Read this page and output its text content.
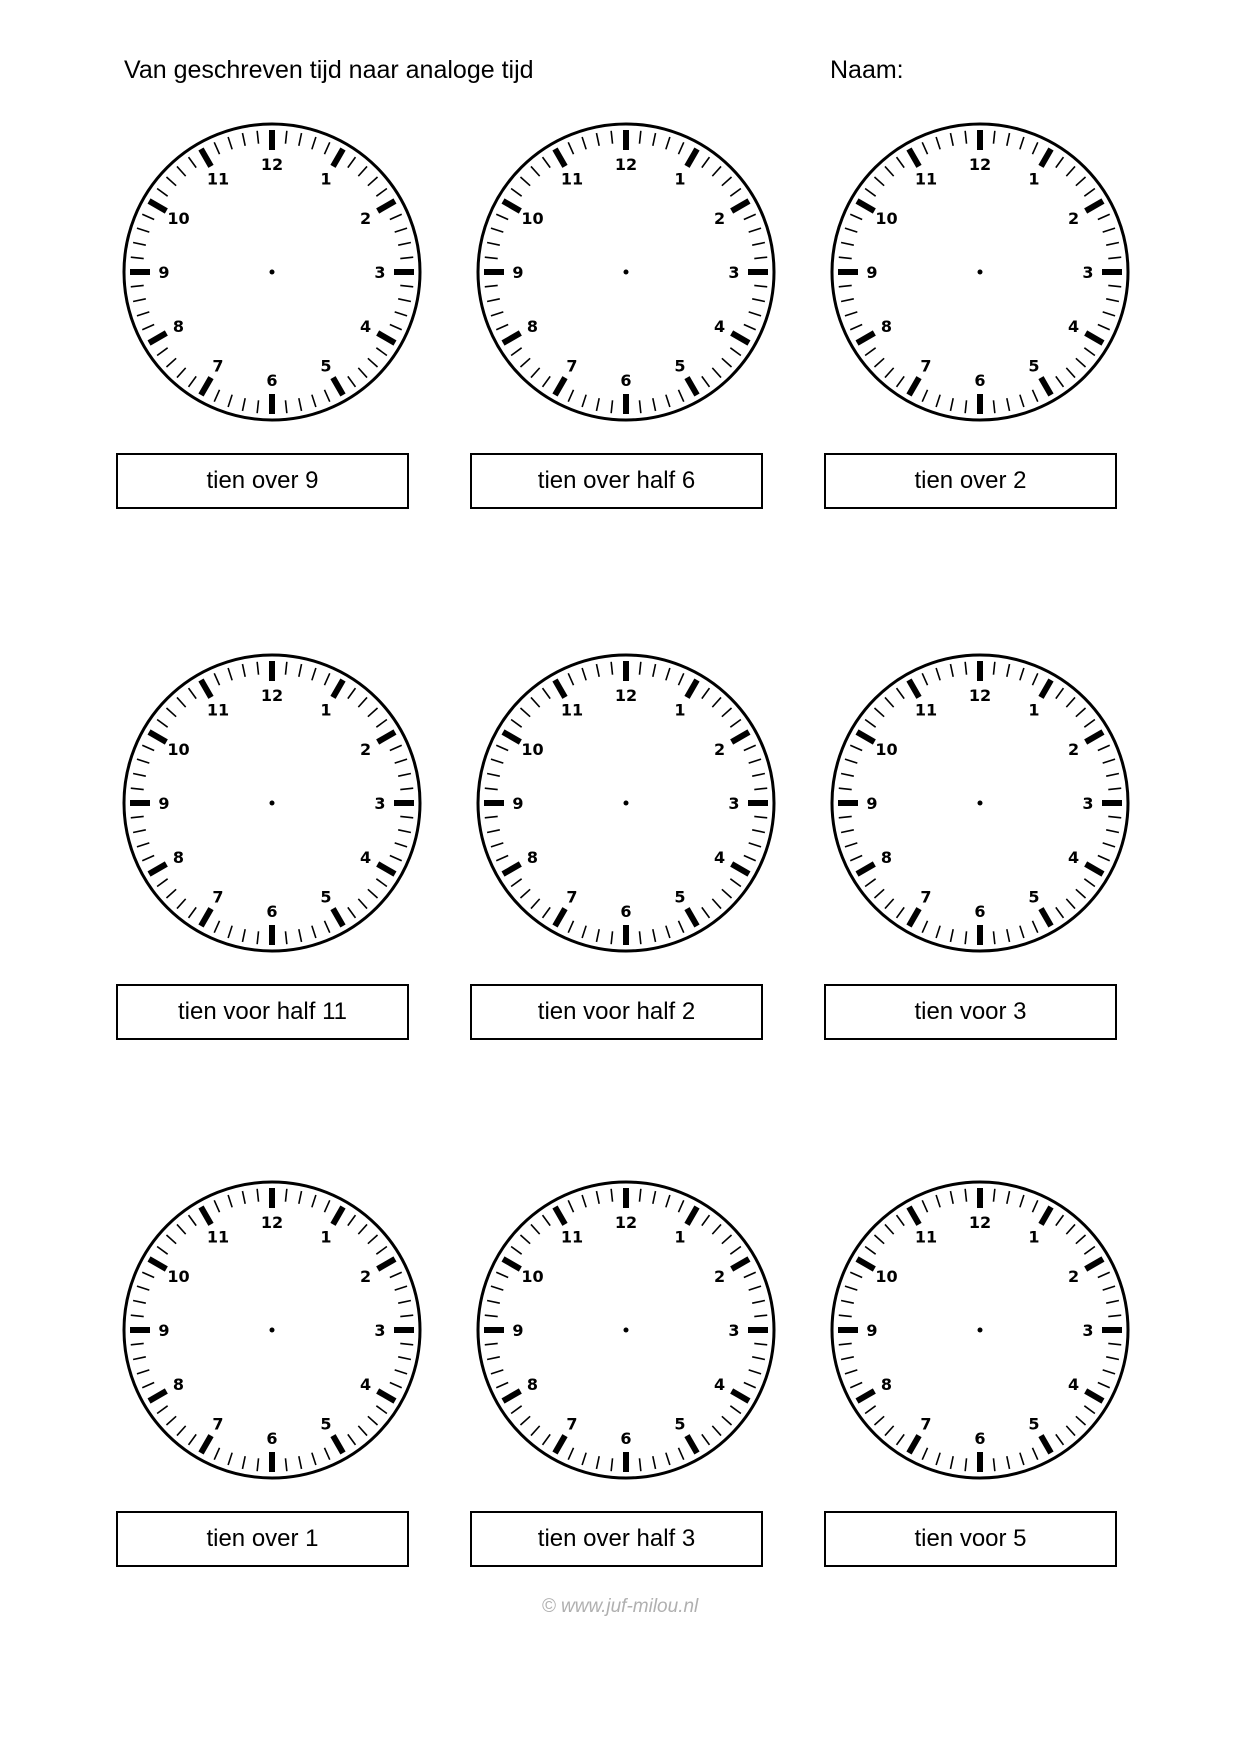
Van geschreven tijd naar analoge tijd	Naam:
12
1
2
3
4
5
6
7
8
9
10
11
tien over 9
12
1
2
3
4
5
6
7
8
9
10
11
tien over half 6
12
1
2
3
4
5
6
7
8
9
10
11
tien over 2
12
1
2
3
4
5
6
7
8
9
10
11
tien voor half 11
12
1
2
3
4
5
6
7
8
9
10
11
tien voor half 2
12
1
2
3
4
5
6
7
8
9
10
11
tien voor 3
12
1
2
3
4
5
6
7
8
9
10
11
tien over 1
12
1
2
3
4
5
6
7
8
9
10
11
tien over half 3
12
1
2
3
4
5
6
7
8
9
10
11
tien voor 5
© www.juf-milou.nl
